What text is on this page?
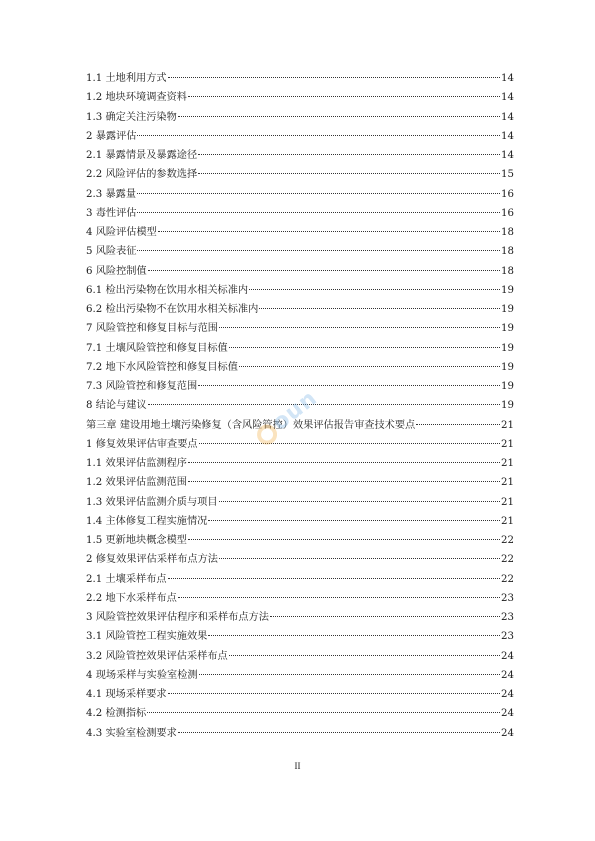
1.1 土地利用方式	14
1.2 地块环境调查资料	14
1.3 确定关注污染物	14
2 暴露评估	14
2.1 暴露情景及暴露途径	14
2.2 风险评估的参数选择	15
2.3 暴露量	16
3 毒性评估	16
4 风险评估模型	18
5 风险表征	18
6 风险控制值	18
6.1 检出污染物在饮用水相关标准内	19
6.2 检出污染物不在饮用水相关标准内	19
7 风险管控和修复目标与范围	19
7.1 土壤风险管控和修复目标值	19
7.2 地下水风险管控和修复目标值	19
7.3 风险管控和修复范围	19
8 结论与建议	19
第三章 建设用地土壤污染修复（含风险管控）效果评估报告审查技术要点	21
1 修复效果评估审查要点	21
1.1 效果评估监测程序	21
1.2 效果评估监测范围	21
1.3 效果评估监测介质与项目	21
1.4 主体修复工程实施情况	21
1.5 更新地块概念模型	22
2 修复效果评估采样布点方法	22
2.1 土壤采样布点	22
2.2 地下水采样布点	23
3 风险管控效果评估程序和采样布点方法	23
3.1 风险管控工程实施效果	23
3.2 风险管控效果评估采样布点	24
4 现场采样与实验室检测	24
4.1 现场采样要求	24
4.2 检测指标	24
4.3 实验室检测要求	24
II
oun
